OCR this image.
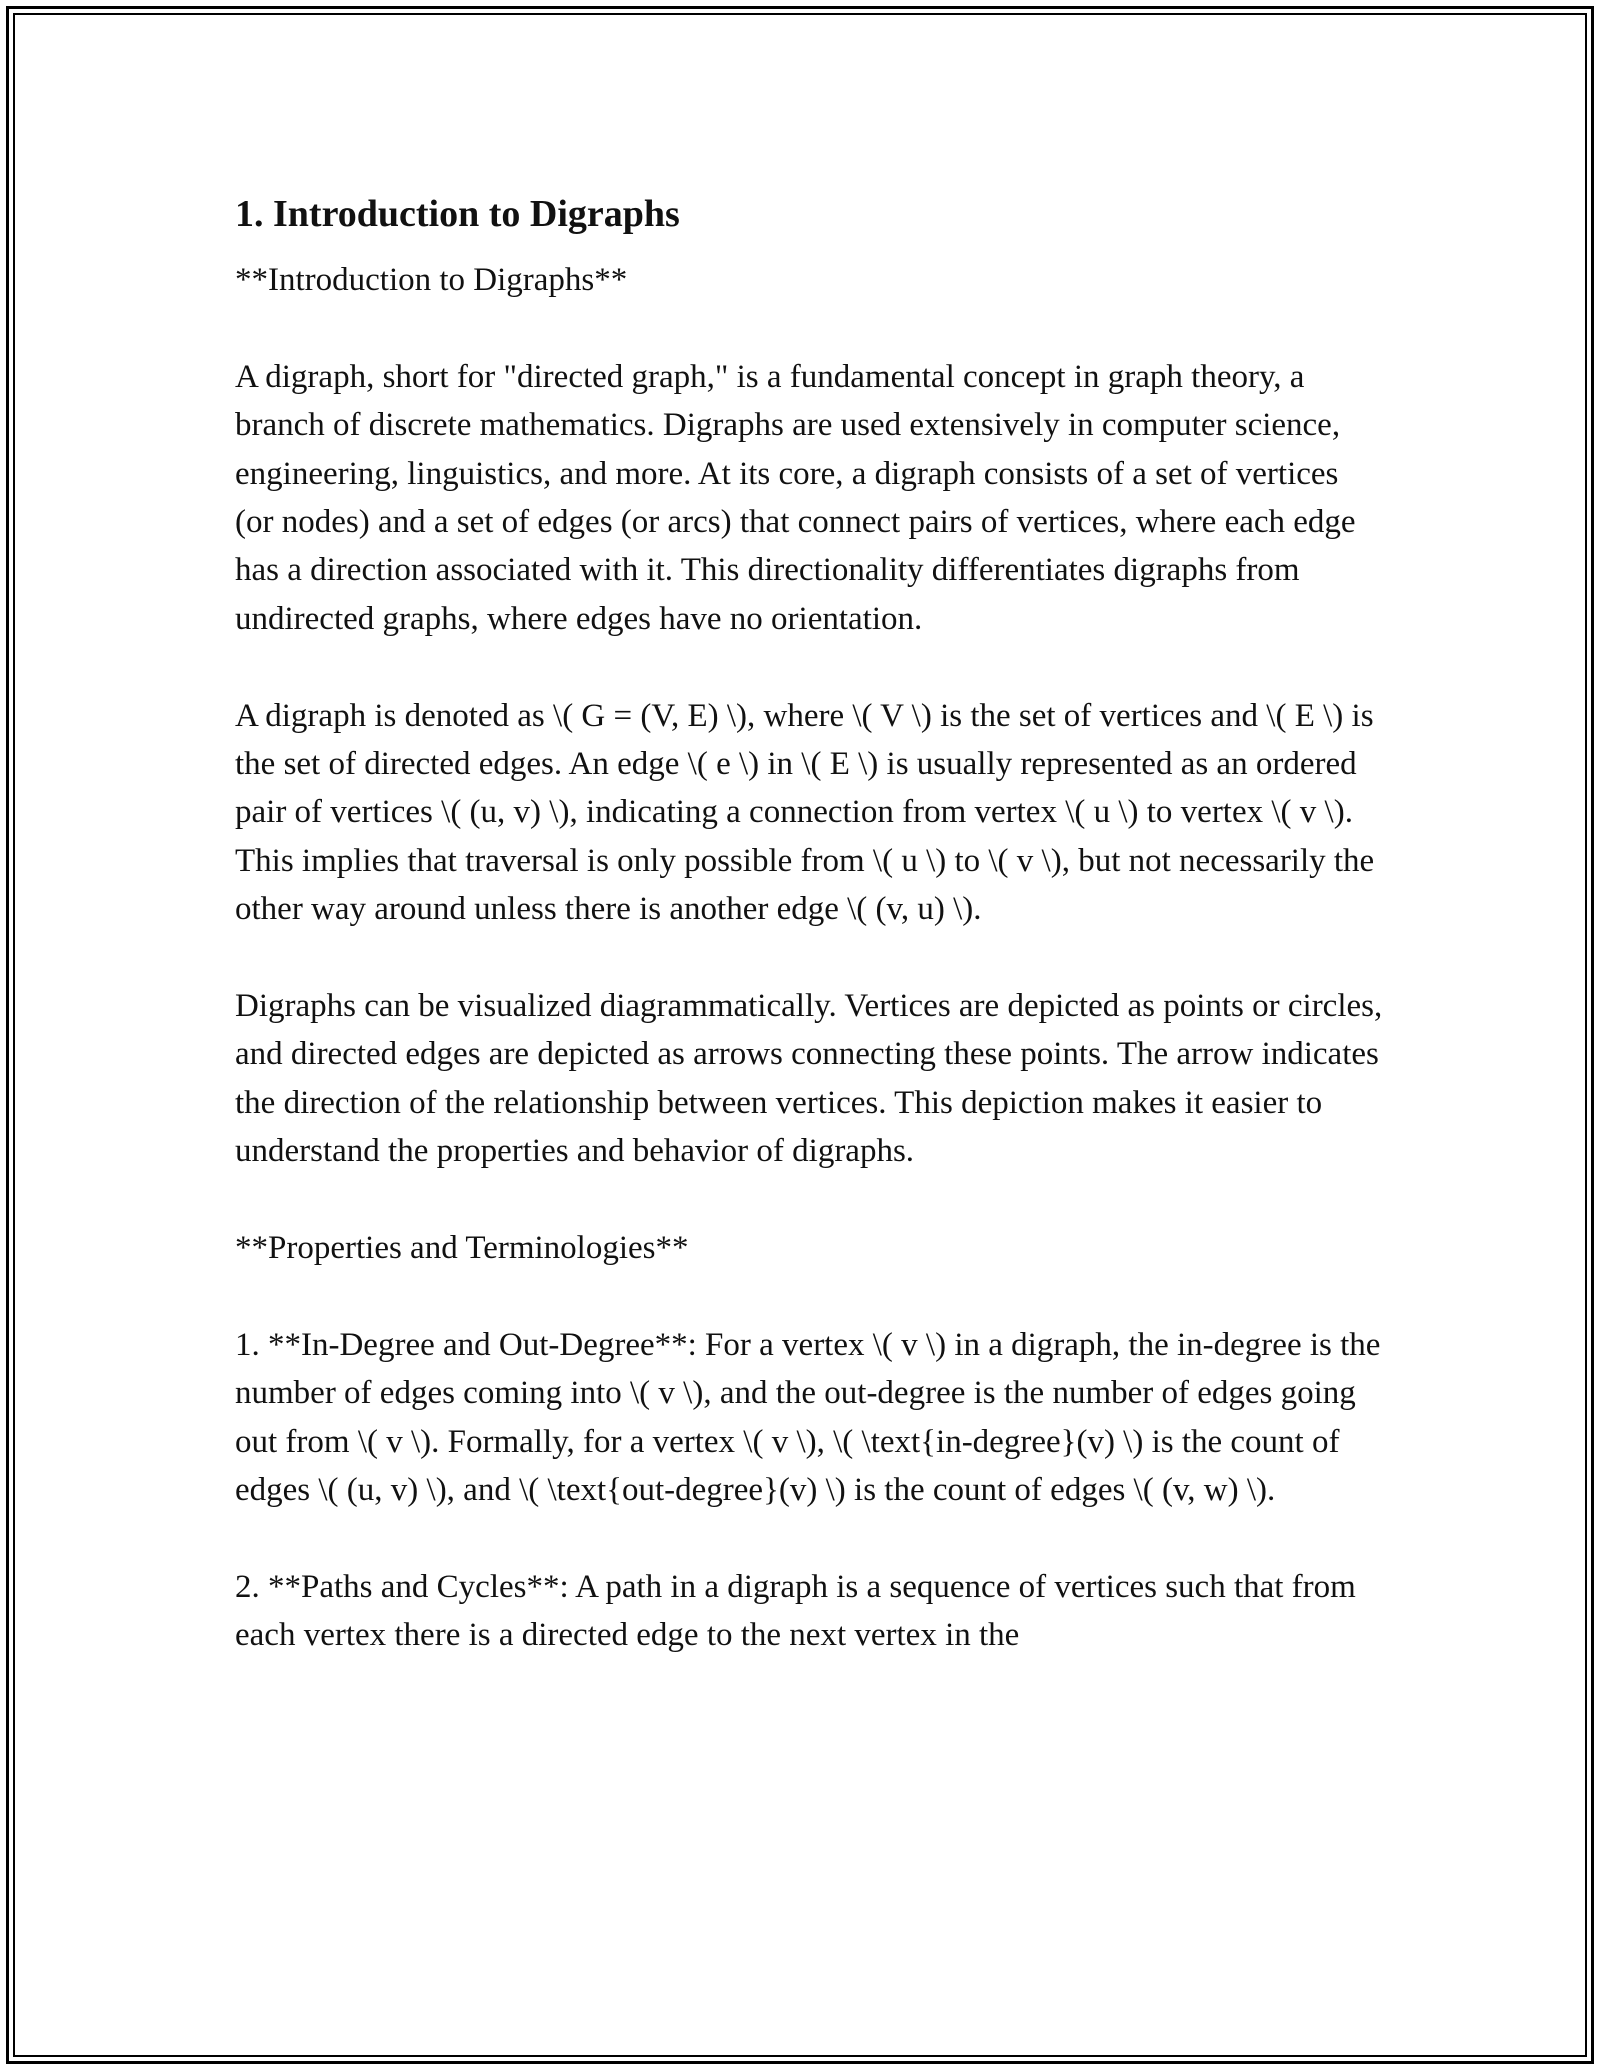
1. Introduction to Digraphs

**Introduction to Digraphs**

A digraph, short for "directed graph," is a fundamental concept in graph theory, a branch of discrete mathematics. Digraphs are used extensively in computer science, engineering, linguistics, and more. At its core, a digraph consists of a set of vertices (or nodes) and a set of edges (or arcs) that connect pairs of vertices, where each edge has a direction associated with it. This directionality differentiates digraphs from undirected graphs, where edges have no orientation.

A digraph is denoted as \( G = (V, E) \), where \( V \) is the set of vertices and \( E \) is the set of directed edges. An edge \( e \) in \( E \) is usually represented as an ordered pair of vertices \( (u, v) \), indicating a connection from vertex \( u \) to vertex \( v \). This implies that traversal is only possible from \( u \) to \( v \), but not necessarily the other way around unless there is another edge \( (v, u) \).

Digraphs can be visualized diagrammatically. Vertices are depicted as points or circles, and directed edges are depicted as arrows connecting these points. The arrow indicates the direction of the relationship between vertices. This depiction makes it easier to understand the properties and behavior of digraphs.

**Properties and Terminologies**

1. **In-Degree and Out-Degree**: For a vertex \( v \) in a digraph, the in-degree is the number of edges coming into \( v \), and the out-degree is the number of edges going out from \( v \). Formally, for a vertex \( v \), \( \text{in-degree}(v) \) is the count of edges \( (u, v) \), and \( \text{out-degree}(v) \) is the count of edges \( (v, w) \).

2. **Paths and Cycles**: A path in a digraph is a sequence of vertices such that from each vertex there is a directed edge to the next vertex in the
